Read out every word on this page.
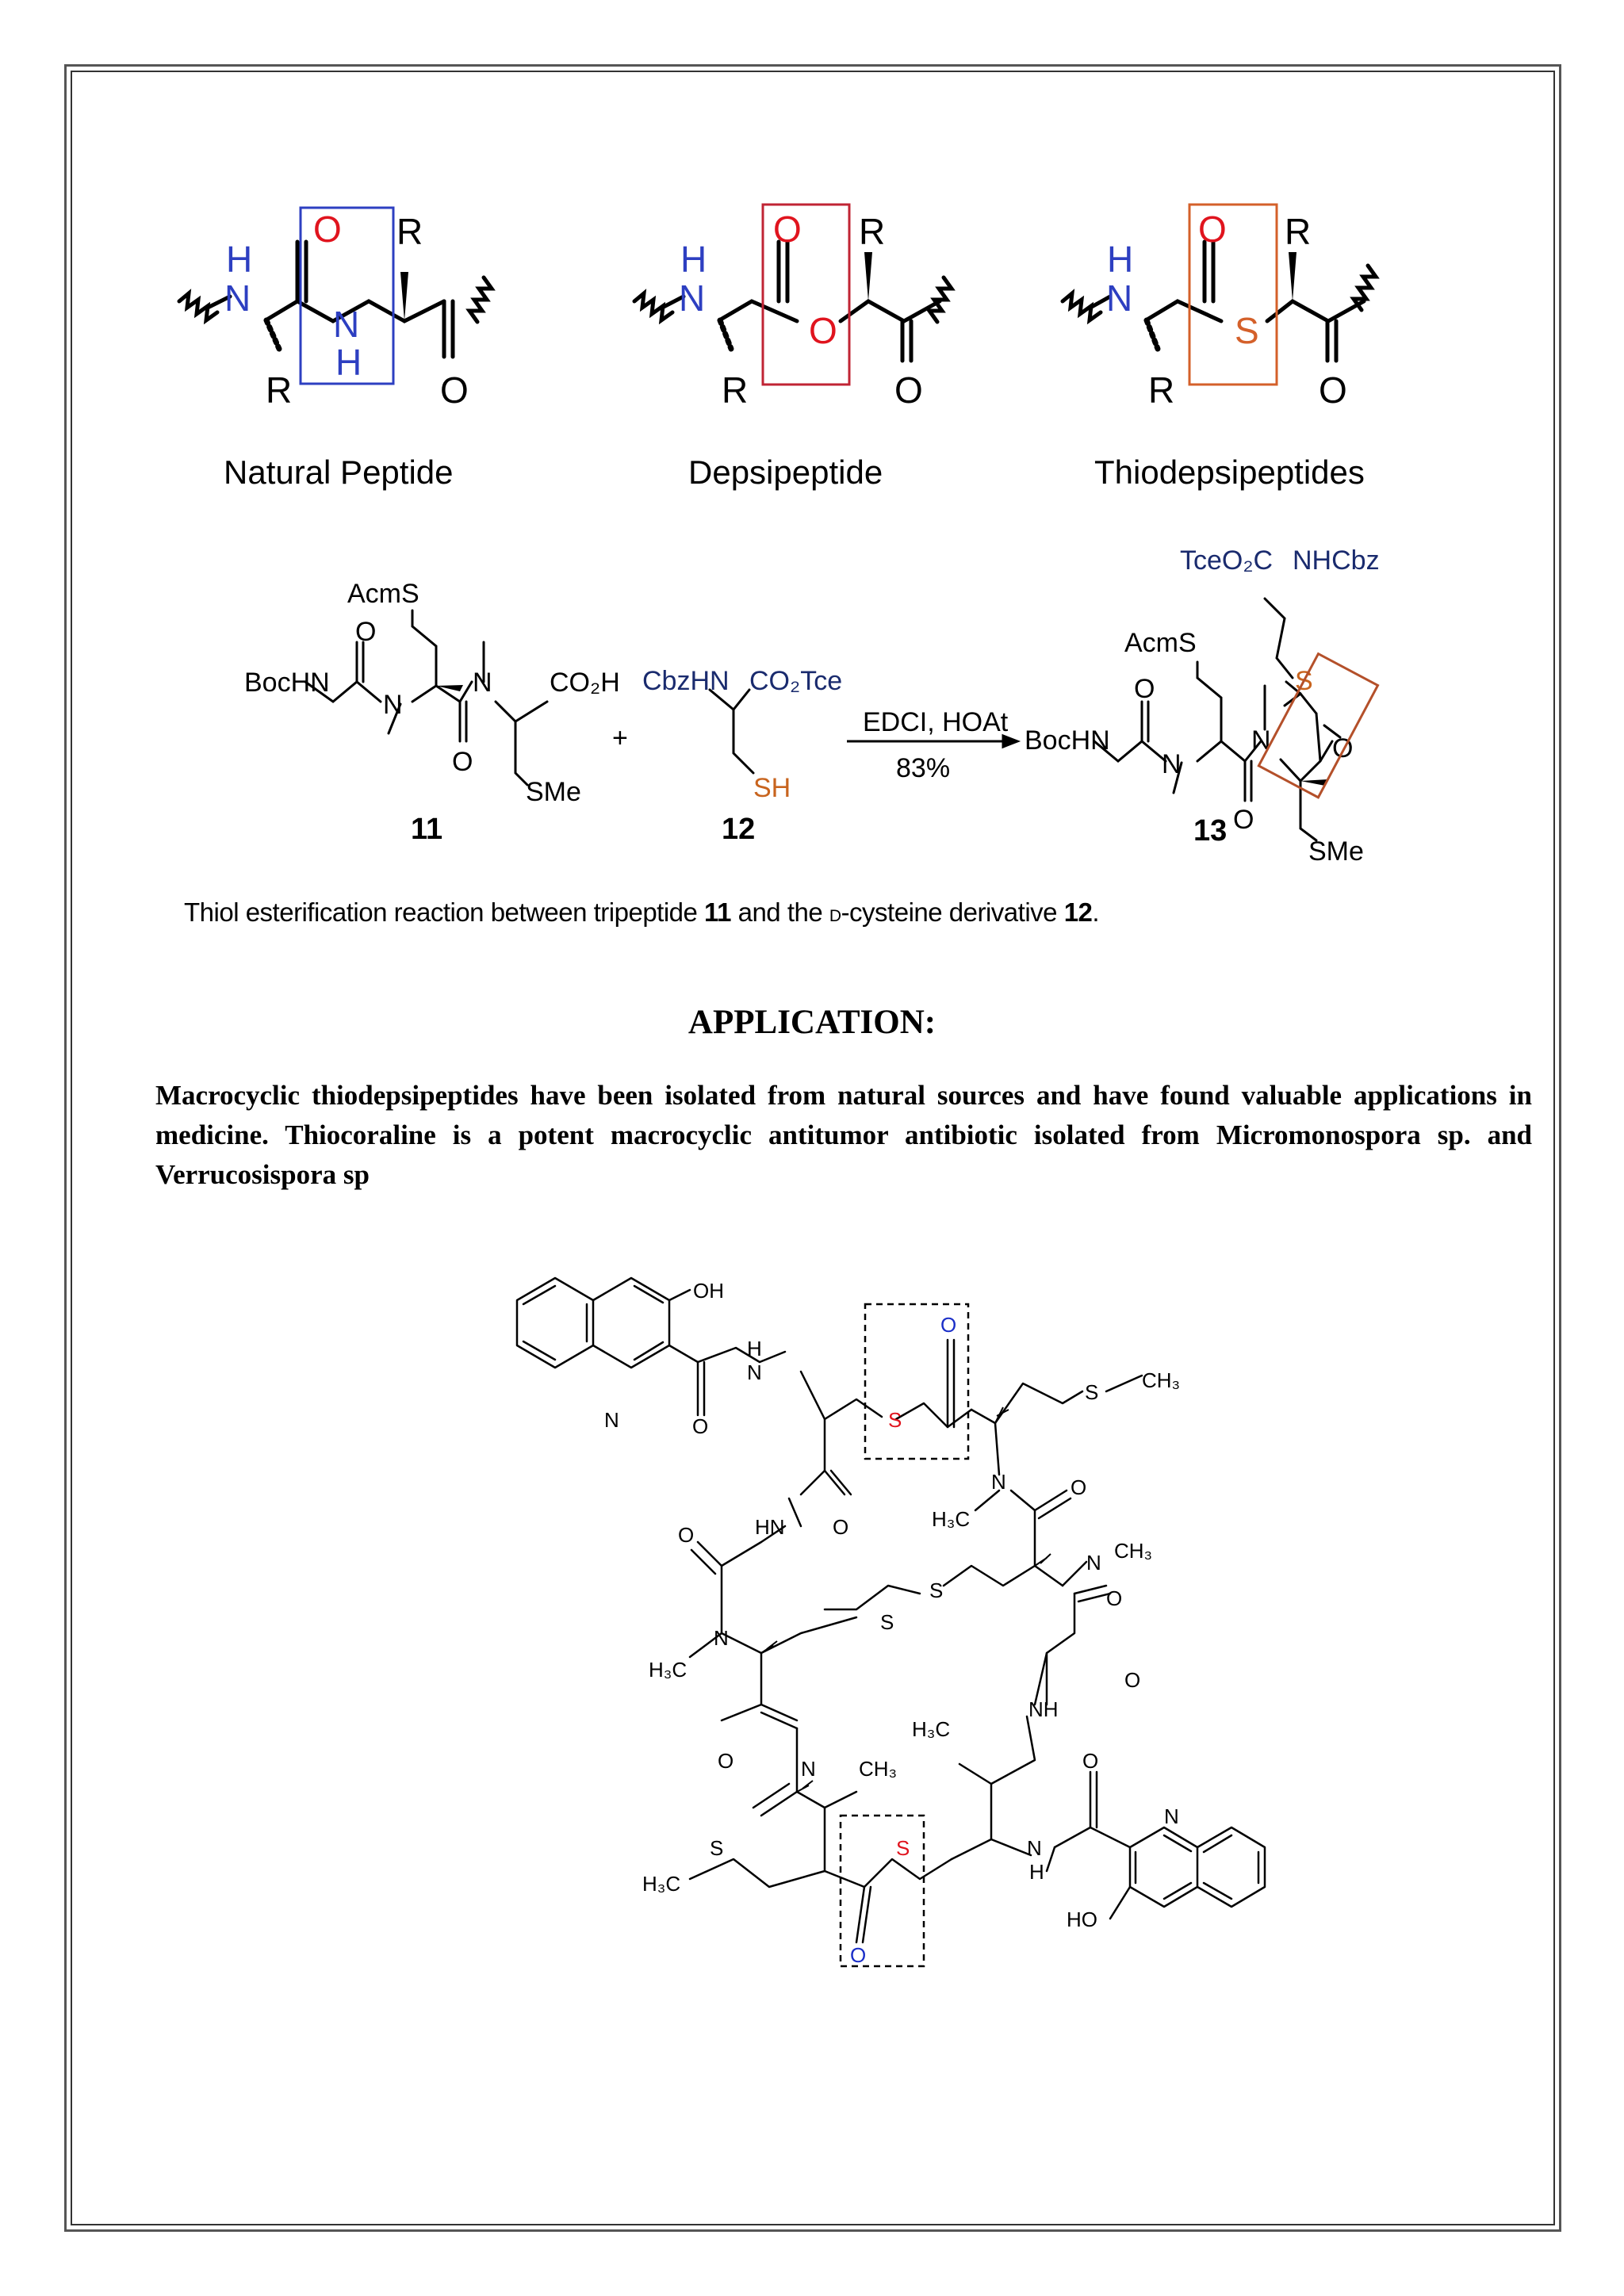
H
N
O
N
H
R
R	O
Natural Peptide
H
N
O
O
R
R	O
Depsipeptide
H
N
O
S
R
R	O
Thiodepsipeptides
AcmS
O
BocHN
N
N CO₂H
O
SMe
11
+
CbzHN CO₂Tce
SH
12
EDCI, HOAt
83%
TceO₂C NHCbz
AcmS
O
BocHN
N
N
S
O
O
SMe
13
Thiol esterification reaction between tripeptide 11 and the d-cysteine derivative 12.
APPLICATION:
Macrocyclic thiodepsipeptides have been isolated from natural sources and have found valuable applications in medicine. Thiocoraline is a potent macrocyclic antitumor antibiotic isolated from Micromonospora sp. and Verrucosispora sp
OH
N	O
H
N
S
O
S CH₃
N
H₃C
O
N CH₃
O
HN O
O
S
S
N
H₃C
NH
H₃C
O
O	N CH₃
S
H₃C
S
O
N
H
O
N
HO
